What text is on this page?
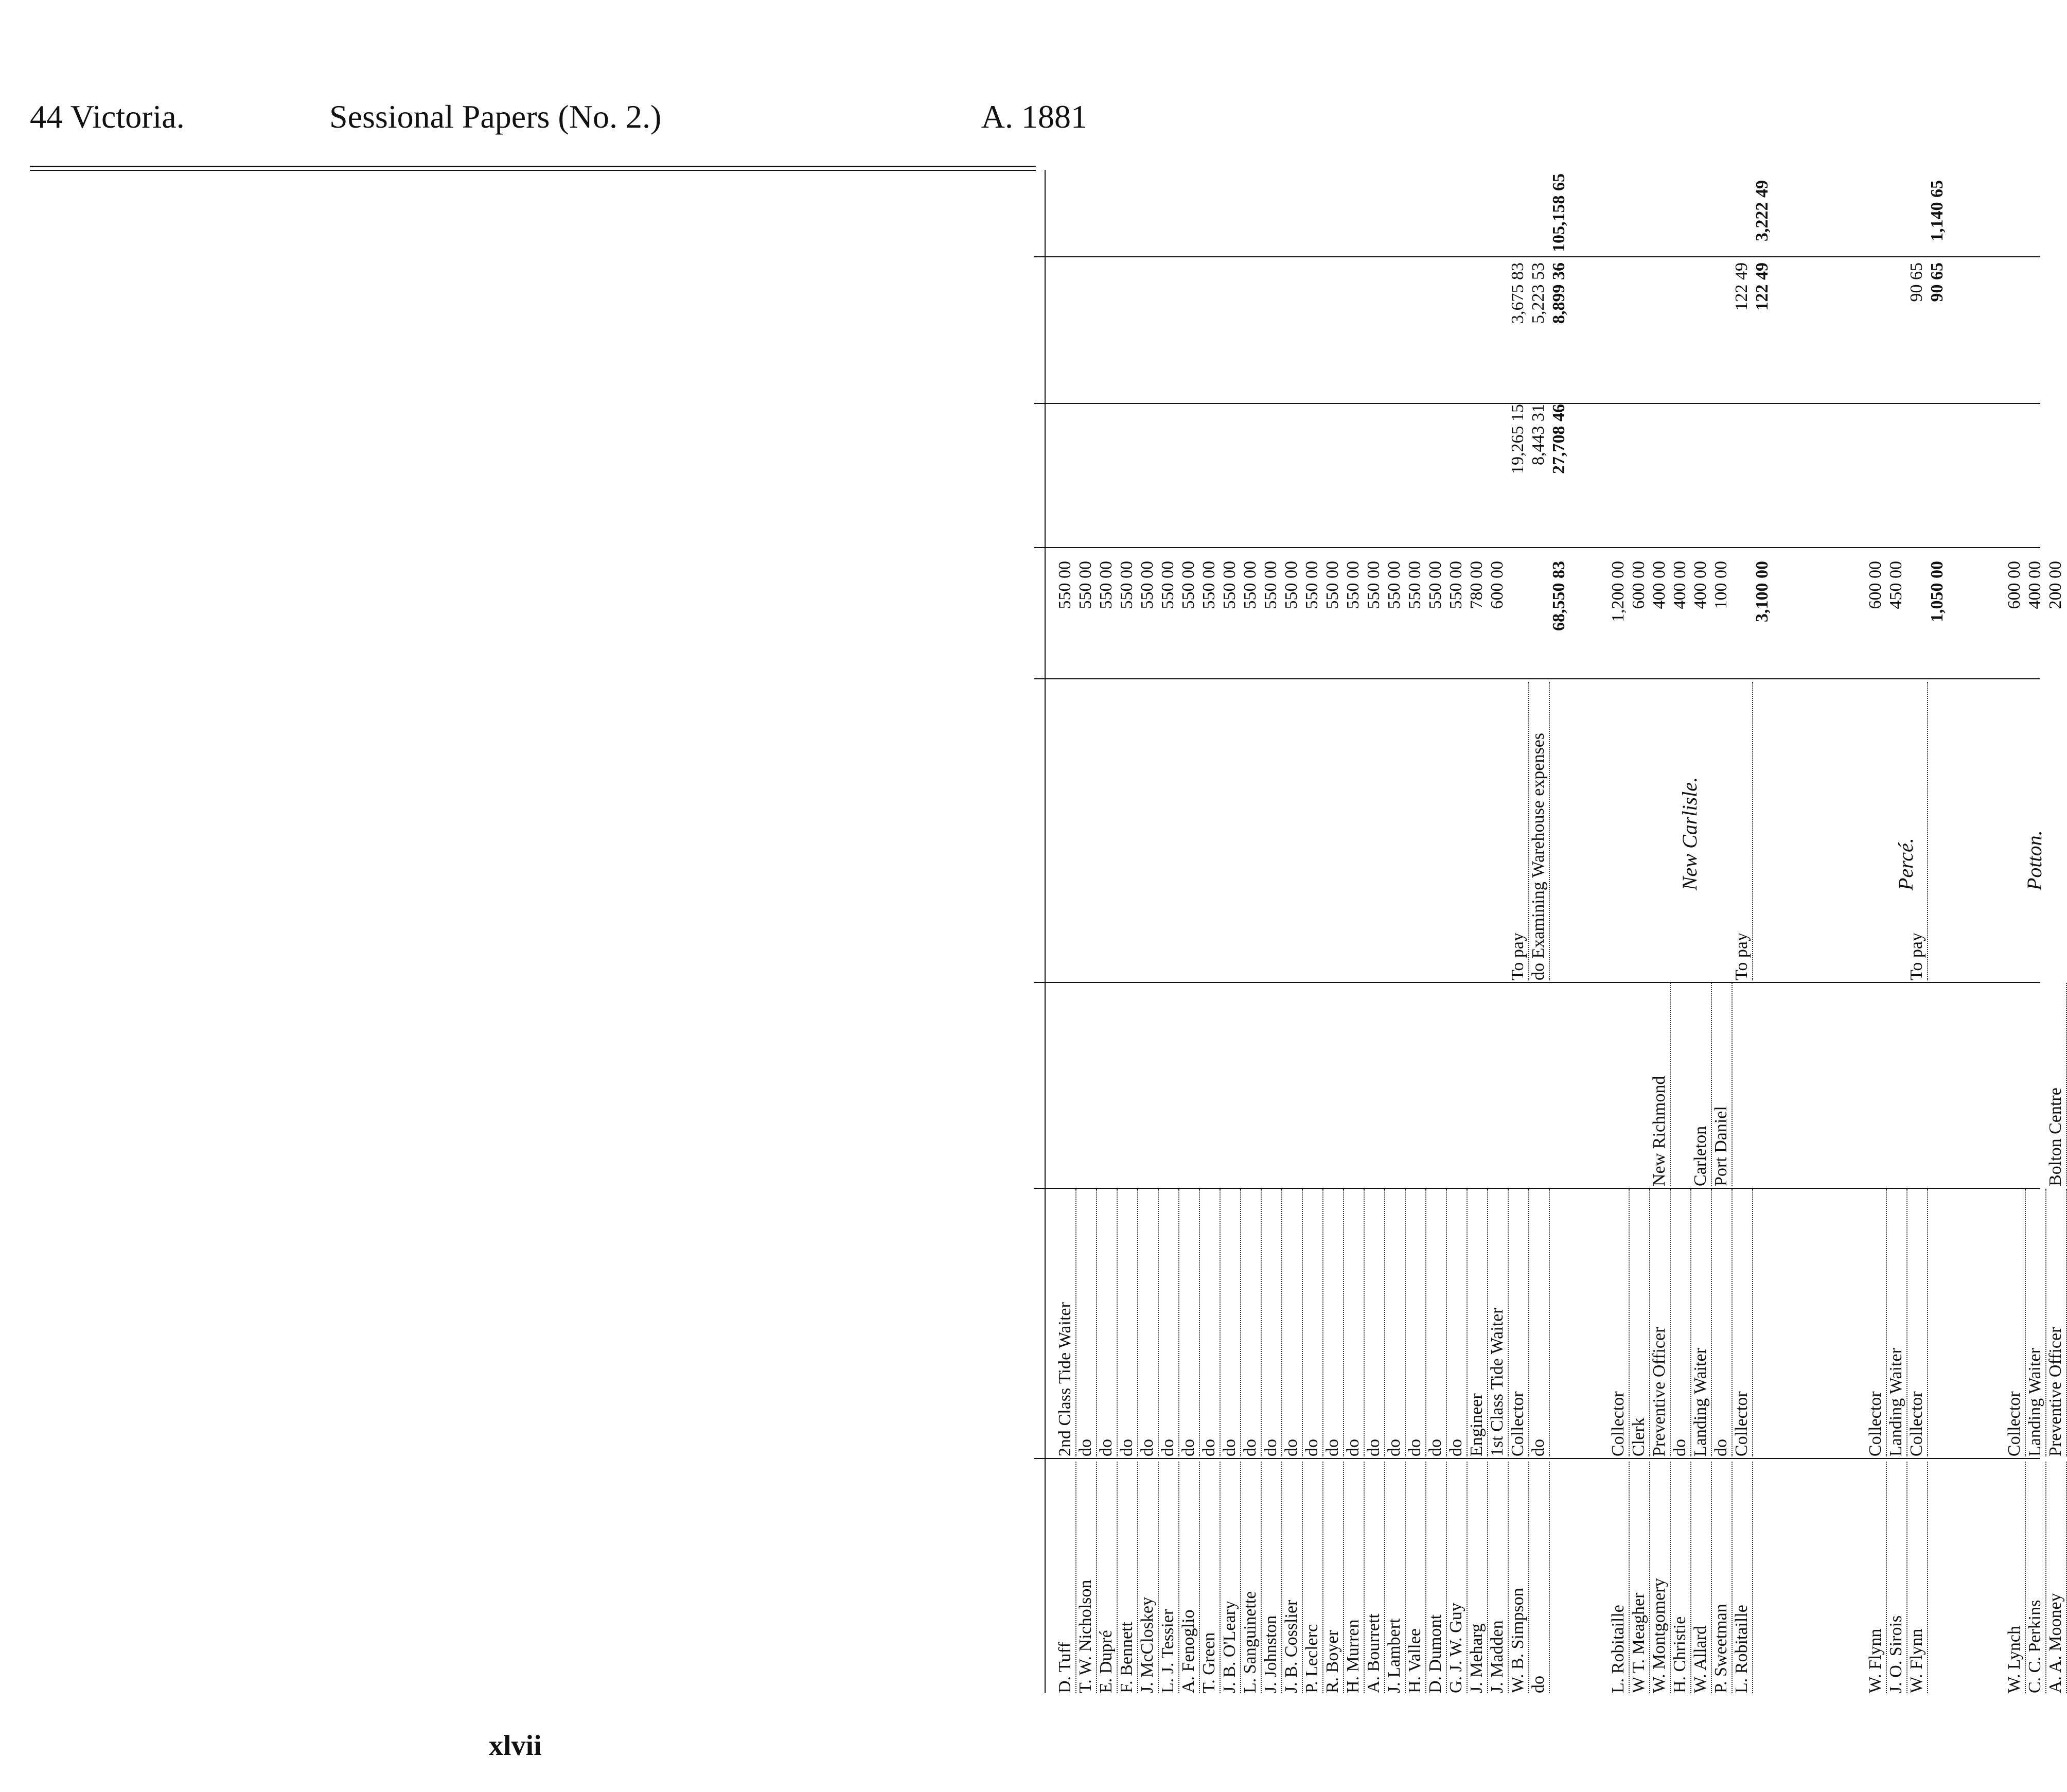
44 Victoria.	Sessional Papers (No. 2.)	A. 1881
D. Tuff
2nd Class Tide Waiter
550 00
T. W. Nicholson
do
550 00
E. Dupré
do
550 00
F. Bennett
do
550 00
J. McCloskey
do
550 00
L. J. Tessier
do
550 00
A. Fenoglio
do
550 00
T. Green
do
550 00
J. B. O'Leary
do
550 00
L. Sanguinette
do
550 00
J. Johnston
do
550 00
J. B. Cosslier
do
550 00
P. Leclerc
do
550 00
R. Boyer
do
550 00
H. Murren
do
550 00
A. Bourrett
do
550 00
J. Lambert
do
550 00
H. Vallee
do
550 00
D. Dumont
do
550 00
G. J. W. Guy
do
550 00
J. Meharg
Engineer
780 00
J. Madden
1st Class Tide Waiter
600 00
W. B. Simpson
Collector
To pay
19,265 15
3,675 83
do
do
do Examining Warehouse expenses
8,443 31
5,223 53
68,550 83
27,708 46
8,899 36
105,158 65
L. Robitaille
Collector
1,200 00
W T. Meagher
Clerk
600 00
W. Montgomery
Preventive Officer
New Richmond
400 00
H. Christie
do
400 00
W. Allard
Landing Waiter
Carleton
400 00
P. Sweetman
do
Port Daniel
100 00
L. Robitaille
Collector
To pay
122 49
3,100 00
122 49
3,222 49
New Carlisle.
W. Flynn
Collector
600 00
J. O. Sirois
Landing Waiter
450 00
W. Flynn
Collector
To pay
90 65
1,050 00
90 65
1,140 65
Percé.
W. Lynch
Collector
600 00
C. C. Perkins
Landing Waiter
400 00
A. A. Mooney
Preventive Officer
Bolton Centre
200 00
Potton.
xlvii
